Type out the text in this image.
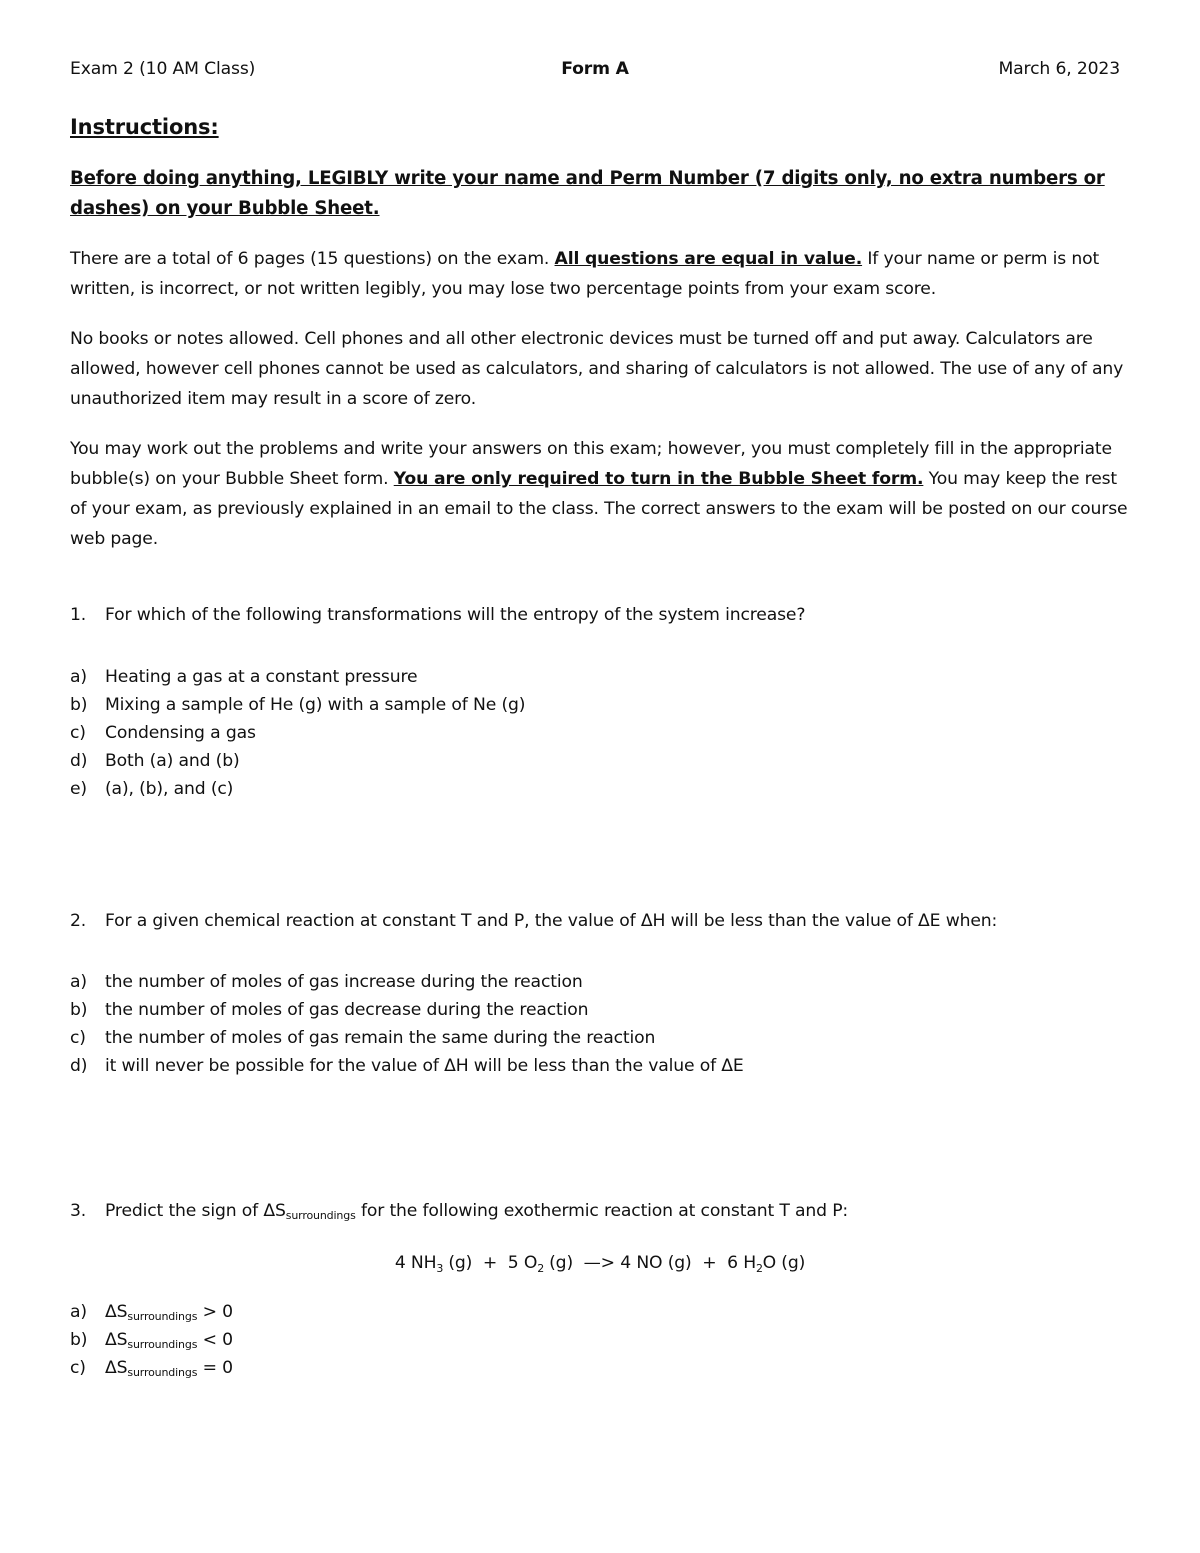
Exam 2 (10 AM Class)	Form A	March 6, 2023
Instructions:
Before doing anything, LEGIBLY write your name and Perm Number (7 digits only, no extra numbers or dashes) on your Bubble Sheet.

There are a total of 6 pages (15 questions) on the exam. All questions are equal in value. If your name or perm is not written, is incorrect, or not written legibly, you may lose two percentage points from your exam score.

No books or notes allowed. Cell phones and all other electronic devices must be turned off and put away. Calculators are allowed, however cell phones cannot be used as calculators, and sharing of calculators is not allowed. The use of any of any unauthorized item may result in a score of zero.

You may work out the problems and write your answers on this exam; however, you must completely fill in the appropriate bubble(s) on your Bubble Sheet form. You are only required to turn in the Bubble Sheet form. You may keep the rest of your exam, as previously explained in an email to the class. The correct answers to the exam will be posted on our course web page.

1. For which of the following transformations will the entropy of the system increase?
a) Heating a gas at a constant pressure
b) Mixing a sample of He (g) with a sample of Ne (g)
c) Condensing a gas
d) Both (a) and (b)
e) (a), (b), and (c)
2. For a given chemical reaction at constant T and P, the value of ΔH will be less than the value of ΔE when:
a) the number of moles of gas increase during the reaction
b) the number of moles of gas decrease during the reaction
c) the number of moles of gas remain the same during the reaction
d) it will never be possible for the value of ΔH will be less than the value of ΔE
3. Predict the sign of ΔSsurroundings for the following exothermic reaction at constant T and P:
4 $NH_3$ (g)  +  5 $O_2$ (g)  —> 4 NO (g)  +  6 $H_2O$ (g)
a) ΔSsurroundings > 0
b) ΔSsurroundings < 0
c) ΔSsurroundings = 0
